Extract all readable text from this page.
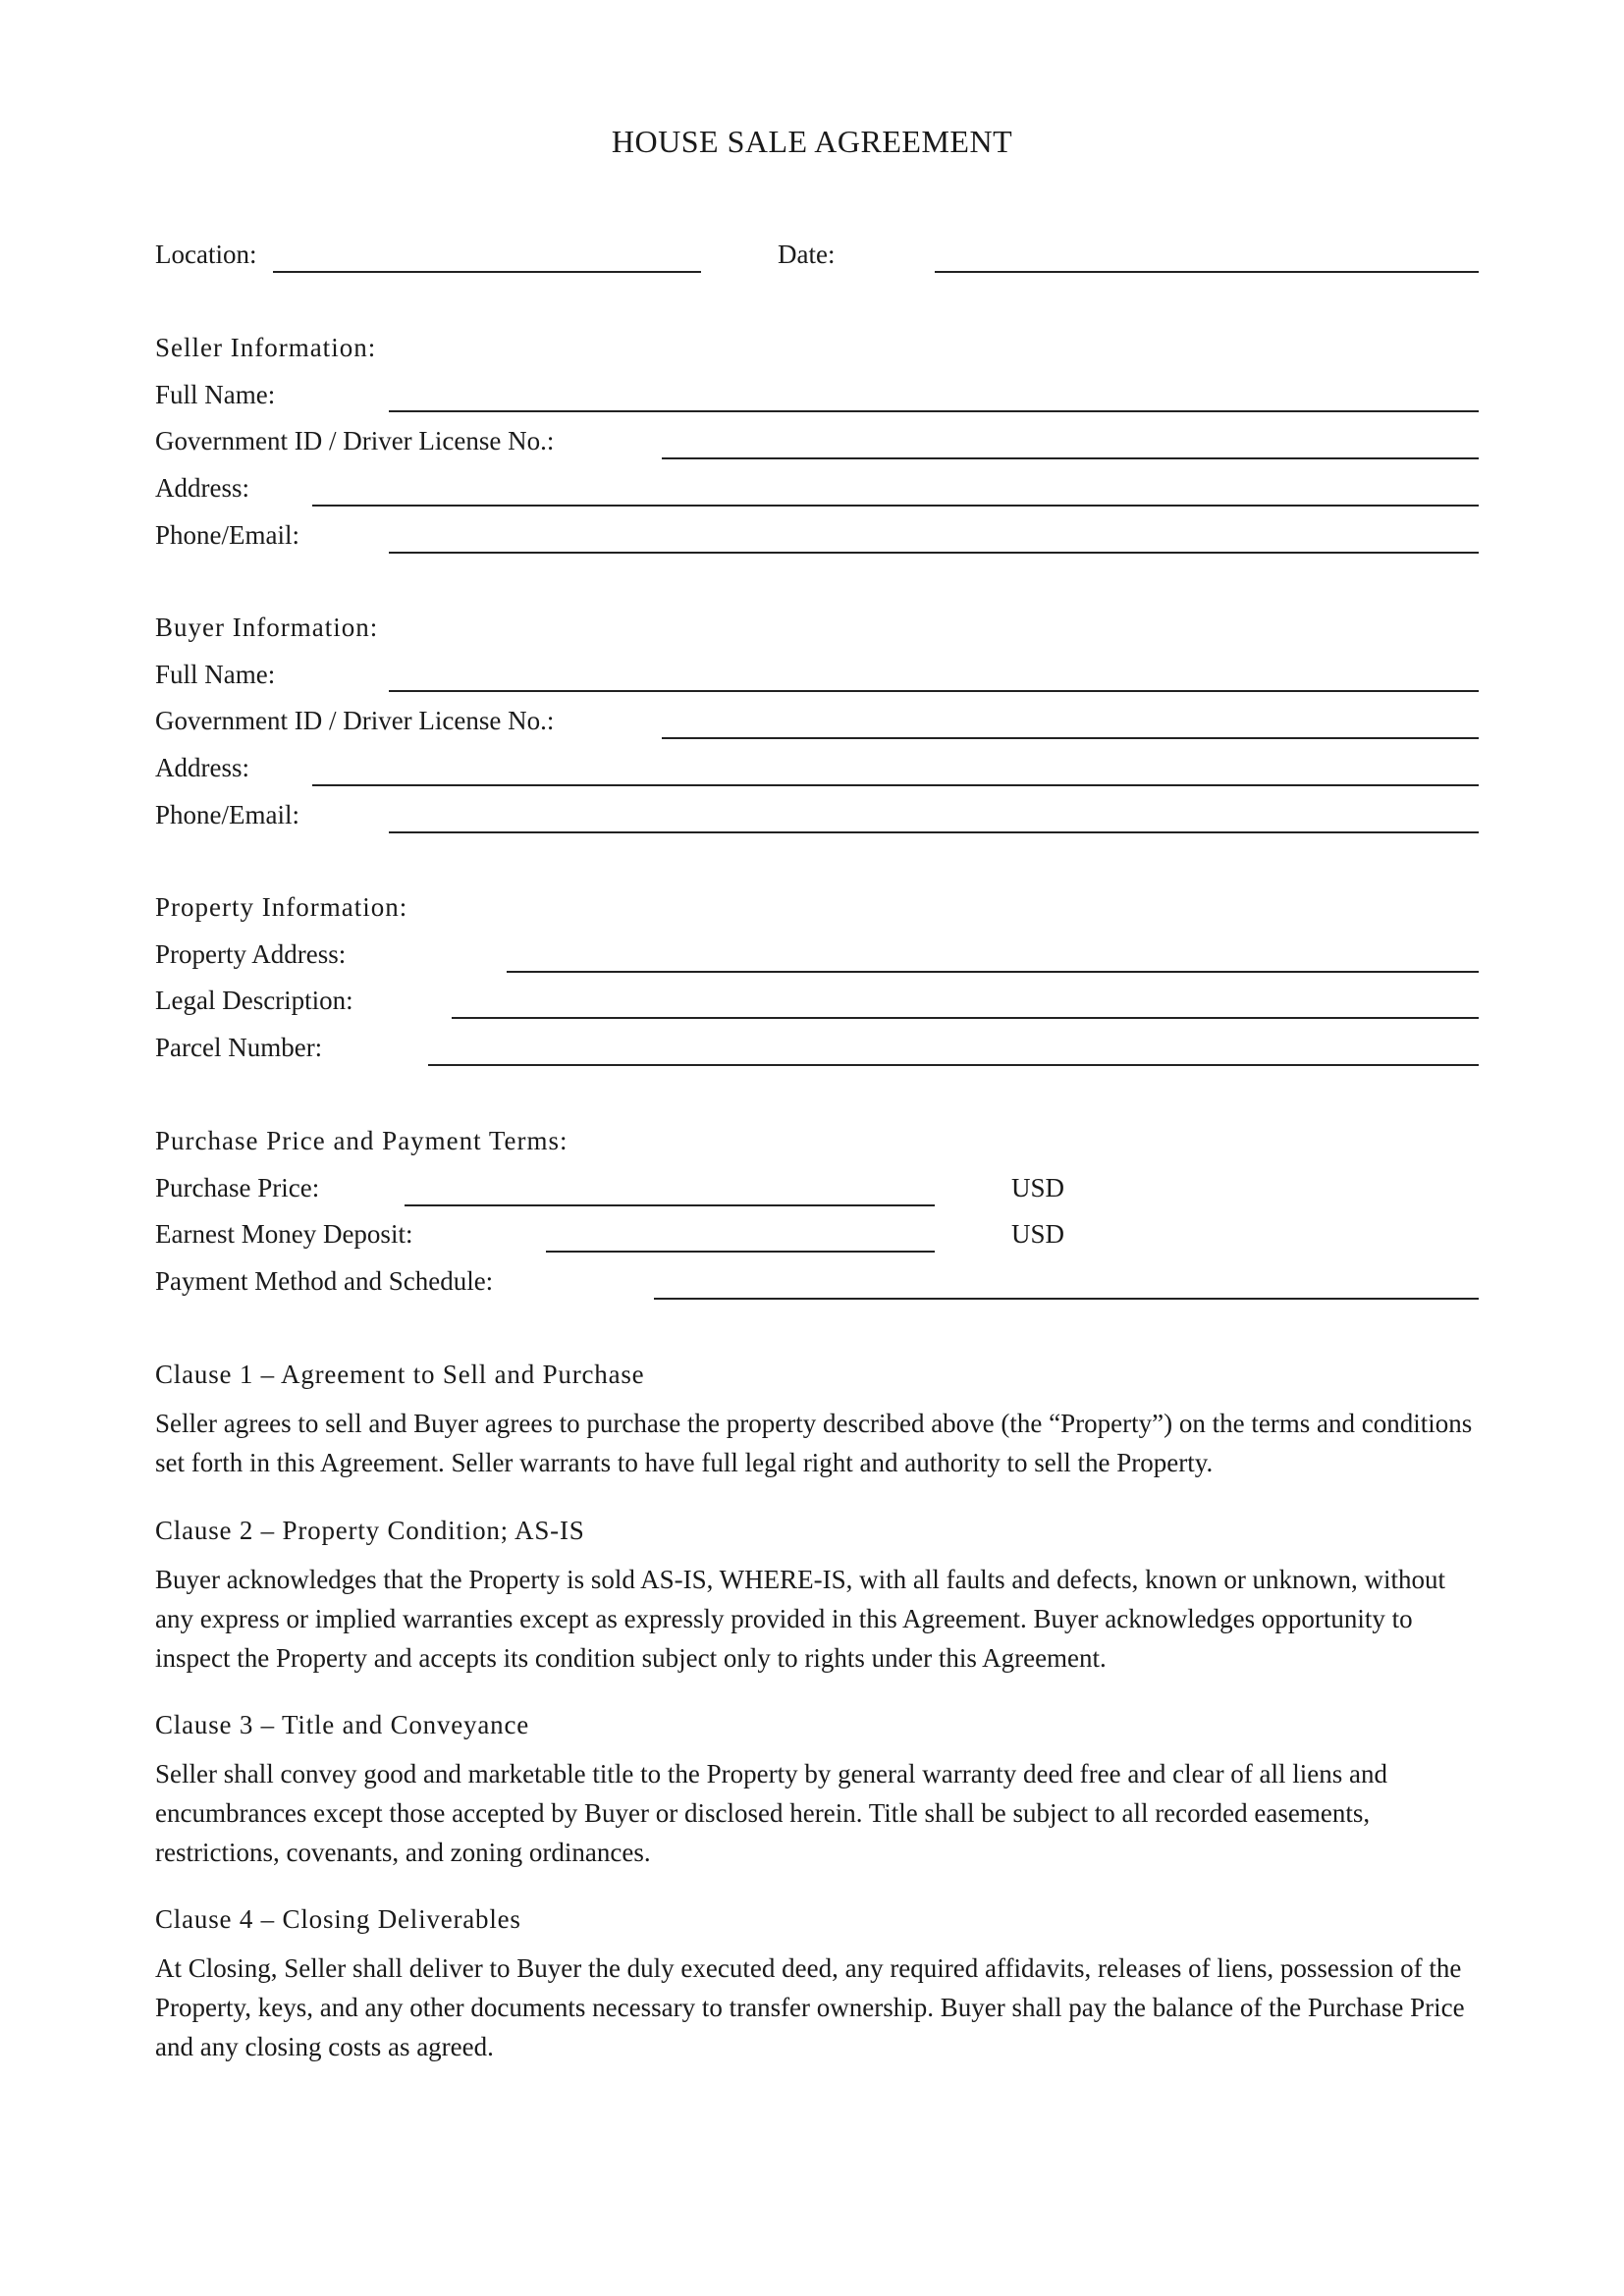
HOUSE SALE AGREEMENT
Location:	Date:
Seller Information:
Full Name:
Government ID / Driver License No.:
Address:
Phone/Email:
Buyer Information:
Full Name:
Government ID / Driver License No.:
Address:
Phone/Email:
Property Information:
Property Address:
Legal Description:
Parcel Number:
Purchase Price and Payment Terms:
Purchase Price:	USD
Earnest Money Deposit:	USD
Payment Method and Schedule:
Clause 1 – Agreement to Sell and Purchase
Seller agrees to sell and Buyer agrees to purchase the property described above (the “Property”) on the terms and conditions set forth in this Agreement. Seller warrants to have full legal right and authority to sell the Property.
Clause 2 – Property Condition; AS-IS
Buyer acknowledges that the Property is sold AS-IS, WHERE-IS, with all faults and defects, known or unknown, without any express or implied warranties except as expressly provided in this Agreement. Buyer acknowledges opportunity to inspect the Property and accepts its condition subject only to rights under this Agreement.
Clause 3 – Title and Conveyance
Seller shall convey good and marketable title to the Property by general warranty deed free and clear of all liens and encumbrances except those accepted by Buyer or disclosed herein. Title shall be subject to all recorded easements, restrictions, covenants, and zoning ordinances.
Clause 4 – Closing Deliverables
At Closing, Seller shall deliver to Buyer the duly executed deed, any required affidavits, releases of liens, possession of the Property, keys, and any other documents necessary to transfer ownership. Buyer shall pay the balance of the Purchase Price and any closing costs as agreed.
